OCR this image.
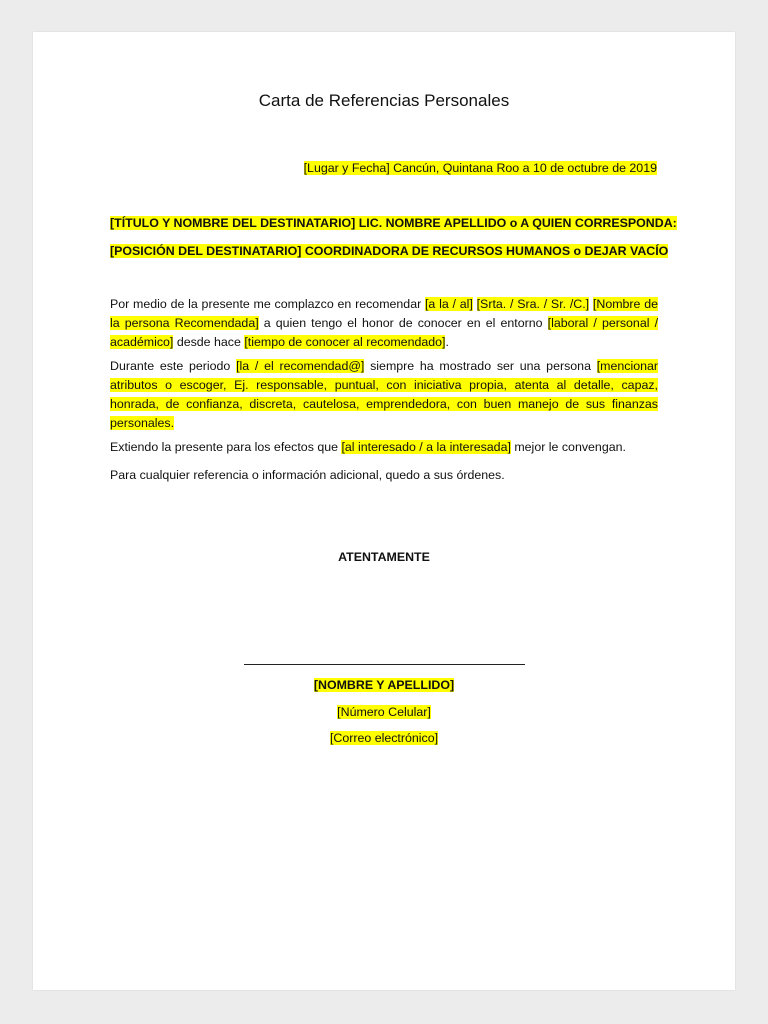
Carta de Referencias Personales
[Lugar y Fecha] Cancún, Quintana Roo a 10 de octubre de 2019
[TÍTULO Y NOMBRE DEL DESTINATARIO] LIC. NOMBRE APELLIDO o A QUIEN CORRESPONDA:
[POSICIÓN DEL DESTINATARIO] COORDINADORA DE RECURSOS HUMANOS o DEJAR VACÍO

Por medio de la presente me complazco en recomendar [a la / al] [Srta. / Sra. / Sr. /C.] [Nombre de la persona Recomendada] a quien tengo el honor de conocer en el entorno [laboral / personal / académico] desde hace [tiempo de conocer al recomendado].

Durante este periodo [la / el recomendad@] siempre ha mostrado ser una persona [mencionar atributos o escoger, Ej. responsable, puntual, con iniciativa propia, atenta al detalle, capaz, honrada, de confianza, discreta, cautelosa, emprendedora, con buen manejo de sus finanzas personales.

Extiendo la presente para los efectos que [al interesado / a la interesada] mejor le convengan.

Para cualquier referencia o información adicional, quedo a sus órdenes.

ATENTAMENTE

[NOMBRE Y APELLIDO]

[Número Celular]

[Correo electrónico]
